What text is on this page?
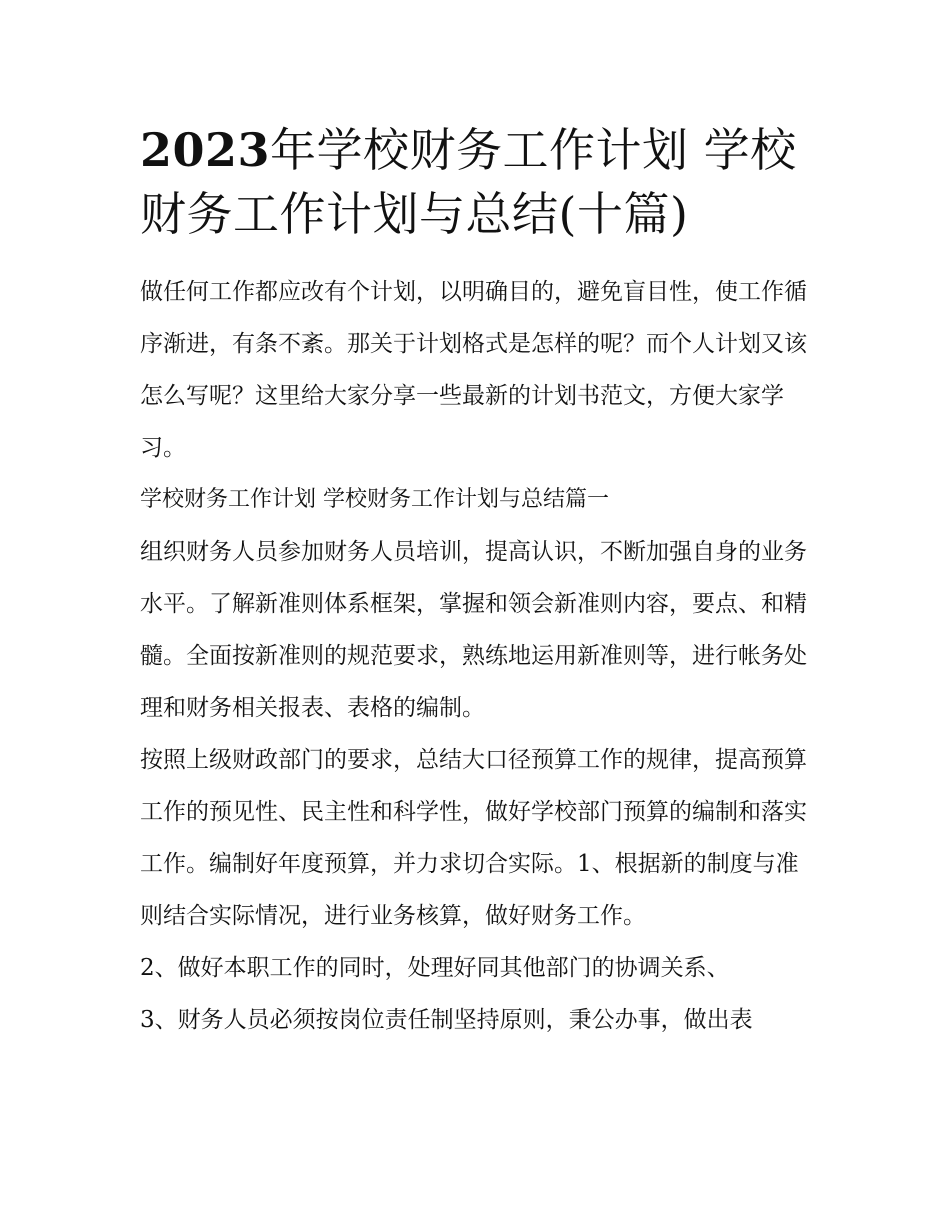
2023年学校财务工作计划 学校财务工作计划与总结(十篇)

做任何工作都应改有个计划，以明确目的，避免盲目性，使工作循序渐进，有条不紊。那关于计划格式是怎样的呢？而个人计划又该怎么写呢？这里给大家分享一些最新的计划书范文，方便大家学习。

学校财务工作计划 学校财务工作计划与总结篇一

组织财务人员参加财务人员培训，提高认识，不断加强自身的业务水平。了解新准则体系框架，掌握和领会新准则内容，要点、和精髓。全面按新准则的规范要求，熟练地运用新准则等，进行帐务处理和财务相关报表、表格的编制。

按照上级财政部门的要求，总结大口径预算工作的规律，提高预算工作的预见性、民主性和科学性，做好学校部门预算的编制和落实工作。编制好年度预算，并力求切合实际。1、根据新的制度与准则结合实际情况，进行业务核算，做好财务工作。

2、做好本职工作的同时，处理好同其他部门的协调关系、

3、财务人员必须按岗位责任制坚持原则，秉公办事，做出表
